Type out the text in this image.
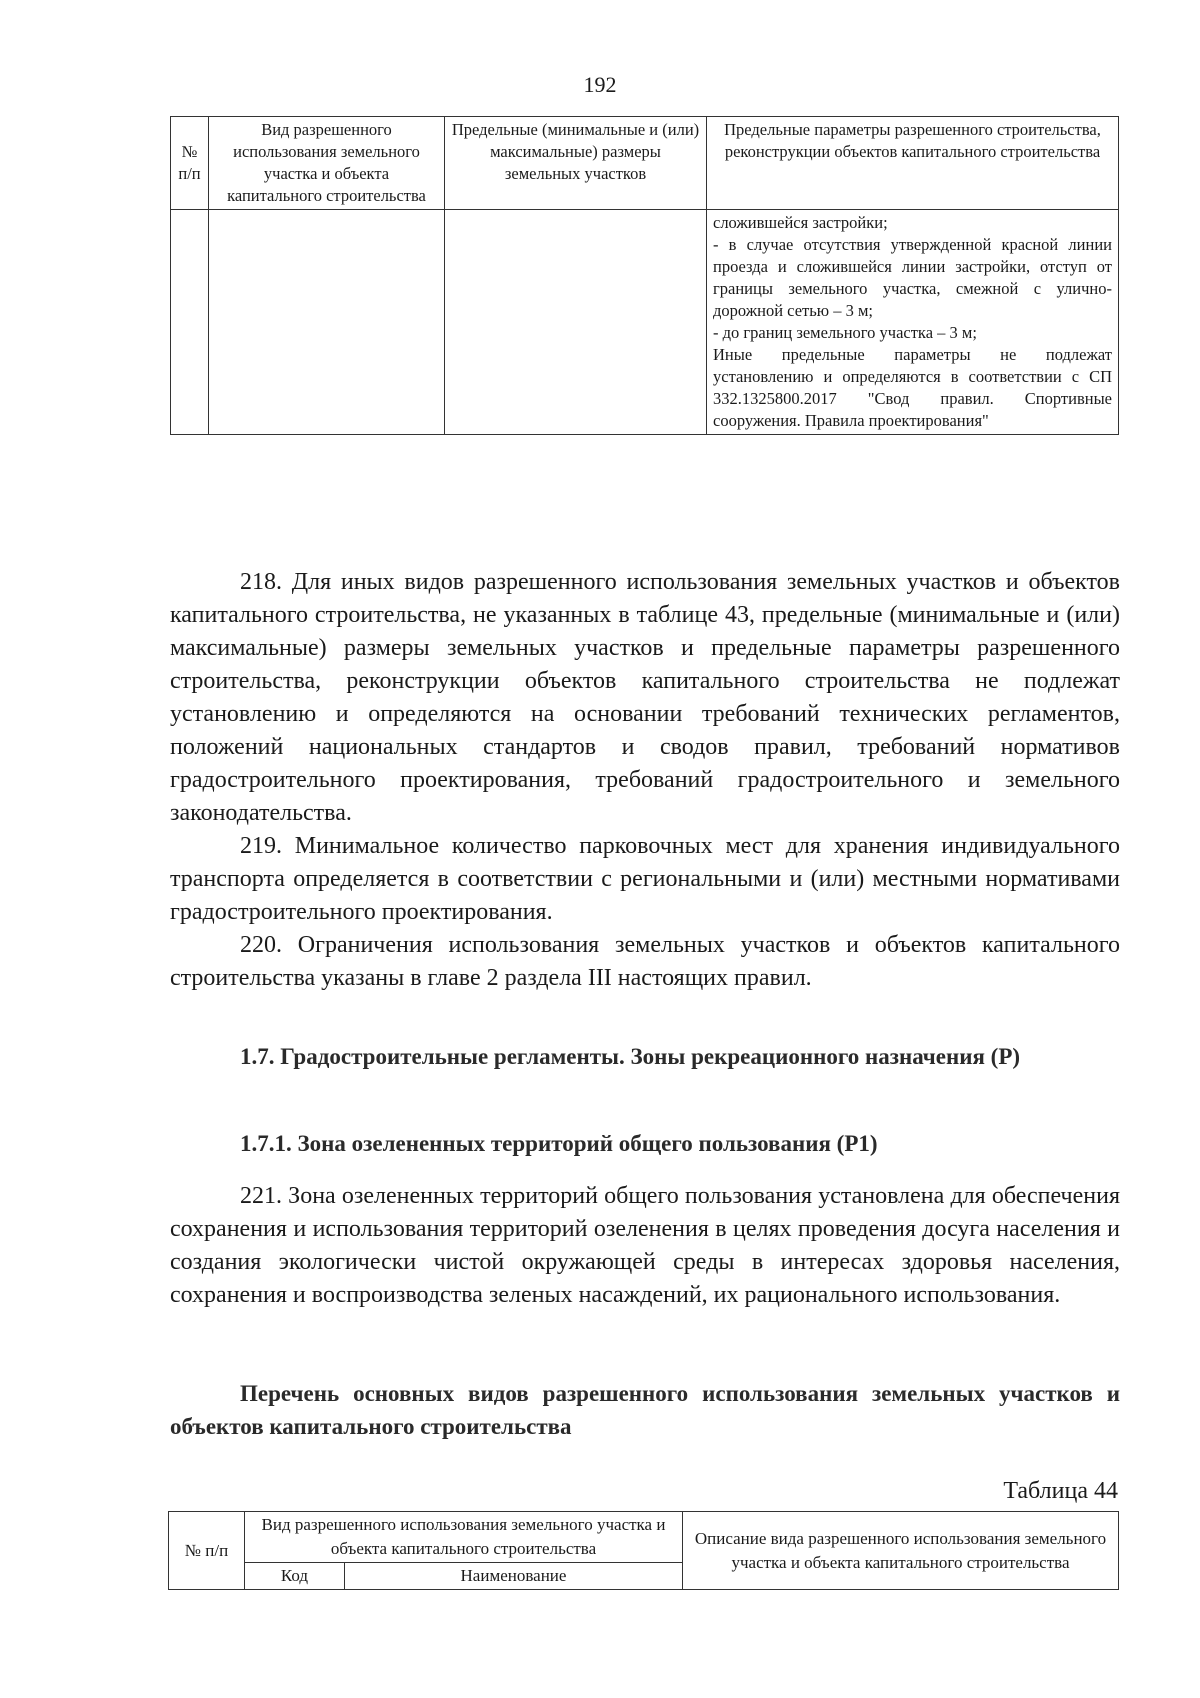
192
№ п/п	Вид разрешенного использования земельного участка и объекта капитального строительства	Предельные (минимальные и (или) максимальные) размеры земельных участков	Предельные параметры разрешенного строительства, реконструкции объектов капитального строительства

			сложившейся застройки;
- в случае отсутствия утвержденной красной линии проезда и сложившейся линии застройки, отступ от границы земельного участка, смежной с улично-дорожной сетью – 3 м;
- до границ земельного участка – 3 м;
Иные предельные параметры не подлежат установлению и определяются в соответствии с СП 332.1325800.2017 "Свод правил. Спортивные сооружения. Правила проектирования"

218. Для иных видов разрешенного использования земельных участков и объектов капитального строительства, не указанных в таблице 43, предельные (минимальные и (или) максимальные) размеры земельных участков и предельные параметры разрешенного строительства, реконструкции объектов капитального строительства не подлежат установлению и определяются на основании требований технических регламентов, положений национальных стандартов и сводов правил, требований нормативов градостроительного проектирования, требований градостроительного и земельного законодательства.

219. Минимальное количество парковочных мест для хранения индивидуального транспорта определяется в соответствии с региональными и (или) местными нормативами градостроительного проектирования.

220. Ограничения использования земельных участков и объектов капитального строительства указаны в главе 2 раздела III настоящих правил.

1.7. Градостроительные регламенты. Зоны рекреационного назначения (Р)
1.7.1. Зона озелененных территорий общего пользования (Р1)

221. Зона озелененных территорий общего пользования установлена для обеспечения сохранения и использования территорий озеленения в целях проведения досуга населения и создания экологически чистой окружающей среды в интересах здоровья населения, сохранения и воспроизводства зеленых насаждений, их рационального использования.

Перечень основных видов разрешенного использования земельных участков и объектов капитального строительства
Таблица 44
№ п/п	Вид разрешенного использования земельного участка и объекта капитального строительства		Описание вида разрешенного использования земельного участка и объекта капитального строительства
	Код	Наименование	
